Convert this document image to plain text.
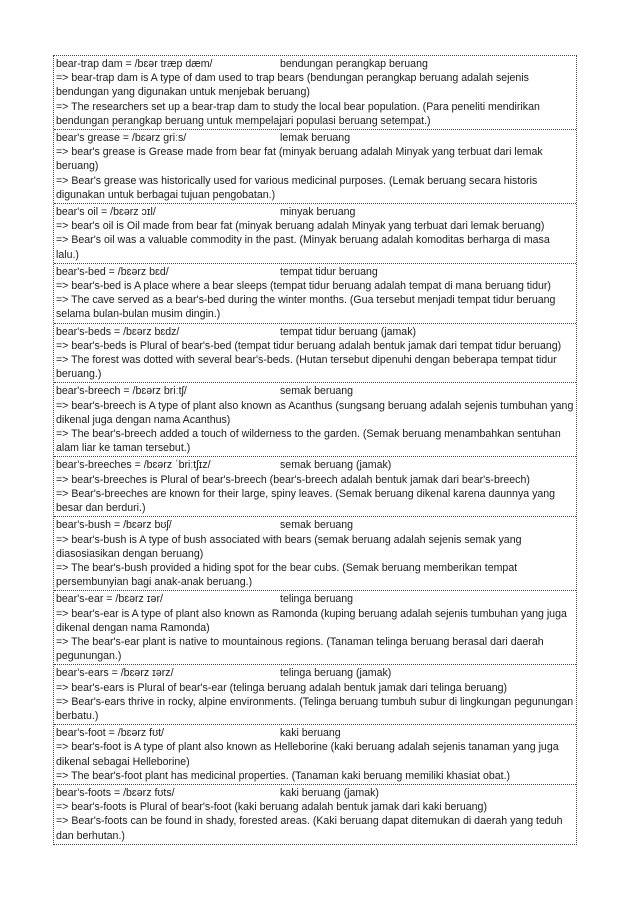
bear-trap dam = /bɛər træp dæm/	bendungan perangkap beruang
=> bear-trap dam is A type of dam used to trap bears (bendungan perangkap beruang adalah sejenis bendungan yang digunakan untuk menjebak beruang)
=> The researchers set up a bear-trap dam to study the local bear population. (Para peneliti mendirikan bendungan perangkap beruang untuk mempelajari populasi beruang setempat.)
bear's grease = /bɛərz griːs/	lemak beruang
=> bear's grease is Grease made from bear fat (minyak beruang adalah Minyak yang terbuat dari lemak beruang)
=> Bear's grease was historically used for various medicinal purposes. (Lemak beruang secara historis digunakan untuk berbagai tujuan pengobatan.)
bear's oil = /bɛərz ɔɪl/	minyak beruang
=> bear's oil is Oil made from bear fat (minyak beruang adalah Minyak yang terbuat dari lemak beruang)
=> Bear's oil was a valuable commodity in the past. (Minyak beruang adalah komoditas berharga di masa lalu.)
bear's-bed = /bɛərz bɛd/	tempat tidur beruang
=> bear's-bed is A place where a bear sleeps (tempat tidur beruang adalah tempat di mana beruang tidur)
=> The cave served as a bear's-bed during the winter months. (Gua tersebut menjadi tempat tidur beruang selama bulan-bulan musim dingin.)
bear's-beds = /bɛərz bɛdz/	tempat tidur beruang (jamak)
=> bear's-beds is Plural of bear's-bed (tempat tidur beruang adalah bentuk jamak dari tempat tidur beruang)
=> The forest was dotted with several bear's-beds. (Hutan tersebut dipenuhi dengan beberapa tempat tidur beruang.)
bear's-breech = /bɛərz briːtʃ/	semak beruang
=> bear's-breech is A type of plant also known as Acanthus (sungsang beruang adalah sejenis tumbuhan yang dikenal juga dengan nama Acanthus)
=> The bear's-breech added a touch of wilderness to the garden. (Semak beruang menambahkan sentuhan alam liar ke taman tersebut.)
bear's-breeches = /bɛərz ˈbriːtʃɪz/	semak beruang (jamak)
=> bear's-breeches is Plural of bear's-breech (bear's-breech adalah bentuk jamak dari bear's-breech)
=> Bear's-breeches are known for their large, spiny leaves. (Semak beruang dikenal karena daunnya yang besar dan berduri.)
bear's-bush = /bɛərz bʊʃ/	semak beruang
=> bear's-bush is A type of bush associated with bears (semak beruang adalah sejenis semak yang diasosiasikan dengan beruang)
=> The bear's-bush provided a hiding spot for the bear cubs. (Semak beruang memberikan tempat persembunyian bagi anak-anak beruang.)
bear's-ear = /bɛərz ɪər/	telinga beruang
=> bear's-ear is A type of plant also known as Ramonda (kuping beruang adalah sejenis tumbuhan yang juga dikenal dengan nama Ramonda)
=> The bear's-ear plant is native to mountainous regions. (Tanaman telinga beruang berasal dari daerah pegunungan.)
bear's-ears = /bɛərz ɪərz/	telinga beruang (jamak)
=> bear's-ears is Plural of bear's-ear (telinga beruang adalah bentuk jamak dari telinga beruang)
=> Bear's-ears thrive in rocky, alpine environments. (Telinga beruang tumbuh subur di lingkungan pegunungan berbatu.)
bear's-foot = /bɛərz fʊt/	kaki beruang
=> bear's-foot is A type of plant also known as Helleborine (kaki beruang adalah sejenis tanaman yang juga dikenal sebagai Helleborine)
=> The bear's-foot plant has medicinal properties. (Tanaman kaki beruang memiliki khasiat obat.)
bear's-foots = /bɛərz fʊts/	kaki beruang (jamak)
=> bear's-foots is Plural of bear's-foot (kaki beruang adalah bentuk jamak dari kaki beruang)
=> Bear's-foots can be found in shady, forested areas. (Kaki beruang dapat ditemukan di daerah yang teduh dan berhutan.)
